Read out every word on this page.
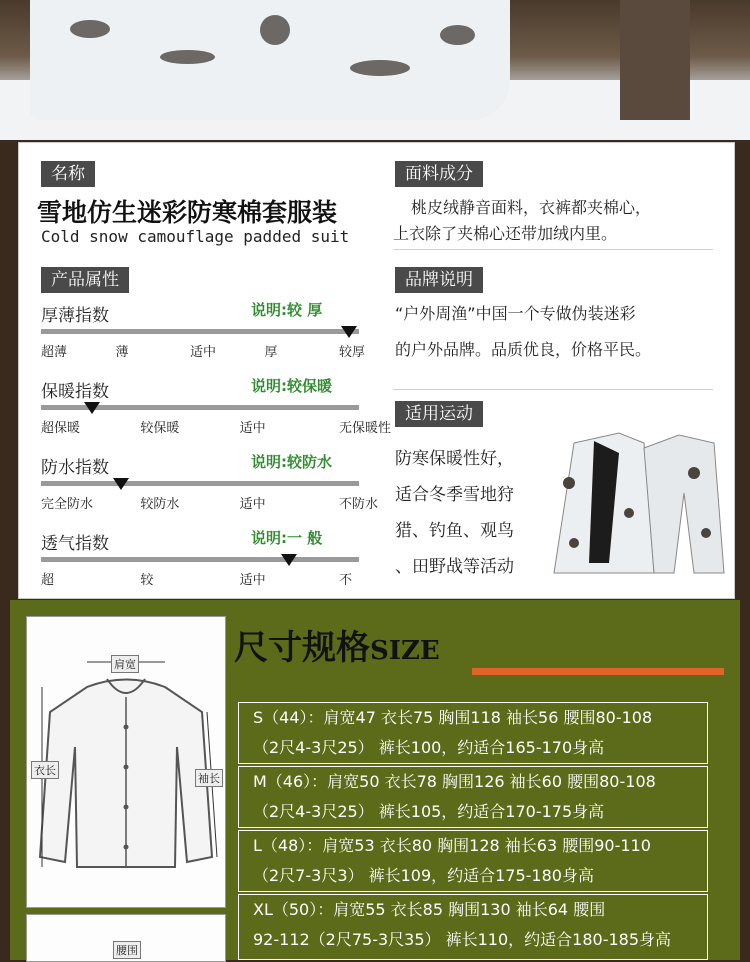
名称
雪地仿生迷彩防寒棉套服装
Cold snow camouflage padded suit
产品属性
厚薄指数	说明:较 厚
超薄	薄	适中	厚	较厚
保暖指数	说明:较保暖
超保暖	较保暖	适中	无保暖性
防水指数	说明:较防水
完全防水	较防水	适中	不防水
透气指数	说明:一 般
超	较	适中	不
面料成分
桃皮绒静音面料，衣裤都夹棉心，
上衣除了夹棉心还带加绒内里。
品牌说明
“户外周渔”中国一个专做伪装迷彩
的户外品牌。品质优良，价格平民。
适用运动
防寒保暖性好，
适合冬季雪地狩
猎、钓鱼、观鸟
、田野战等活动
肩宽
衣长
袖长
腰围
尺寸规格SIZE
S（44）：肩宽47 衣长75 胸围118 袖长56 腰围80-108
（2尺4-3尺25） 裤长100，约适合165-170身高
M（46）：肩宽50 衣长78 胸围126 袖长60 腰围80-108
（2尺4-3尺25） 裤长105，约适合170-175身高
L（48）：肩宽53 衣长80 胸围128 袖长63 腰围90-110
（2尺7-3尺3） 裤长109，约适合175-180身高
XL（50）：肩宽55 衣长85 胸围130 袖长64 腰围
92-112（2尺75-3尺35） 裤长110，约适合180-185身高
